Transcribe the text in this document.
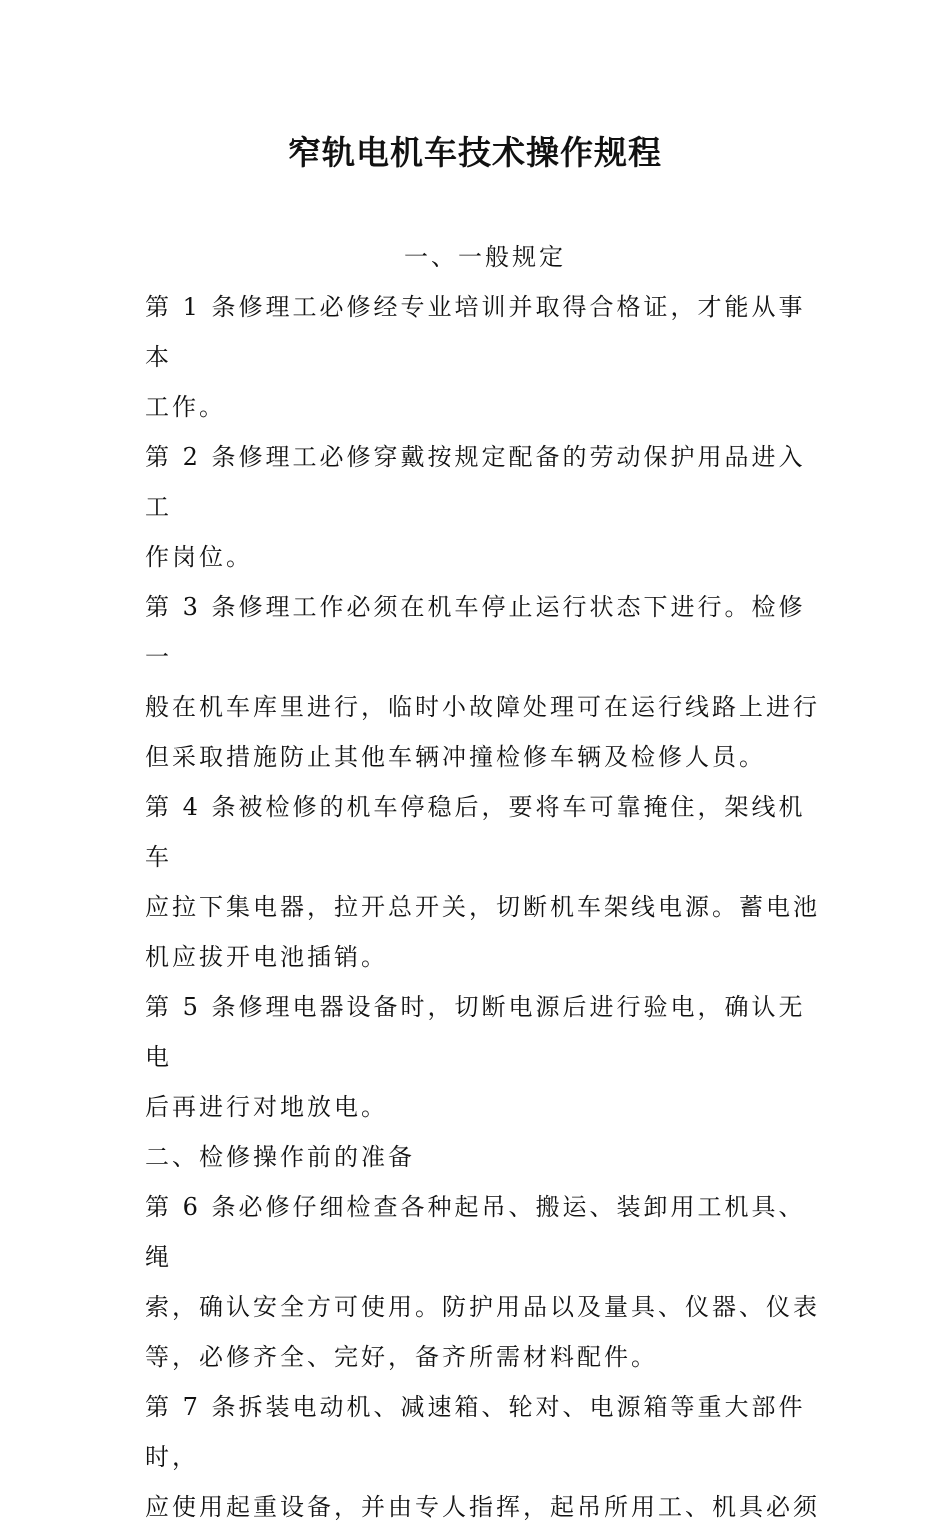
窄轨电机车技术操作规程

一、一般规定

第 1 条修理工必修经专业培训并取得合格证，才能从事本

工作。

第 2 条修理工必修穿戴按规定配备的劳动保护用品进入工

作岗位。

第 3 条修理工作必须在机车停止运行状态下进行。检修一

般在机车库里进行，临时小故障处理可在运行线路上进行

但采取措施防止其他车辆冲撞检修车辆及检修人员。

第 4 条被检修的机车停稳后，要将车可靠掩住，架线机车

应拉下集电器，拉开总开关，切断机车架线电源。蓄电池

机应拔开电池插销。

第 5 条修理电器设备时，切断电源后进行验电，确认无电

后再进行对地放电。

二、检修操作前的准备

第 6 条必修仔细检查各种起吊、搬运、装卸用工机具、绳

索，确认安全方可使用。防护用品以及量具、仪器、仪表

等，必修齐全、完好，备齐所需材料配件。

第 7 条拆装电动机、减速箱、轮对、电源箱等重大部件时，

应使用起重设备，并由专人指挥，起吊所用工、机具必须
